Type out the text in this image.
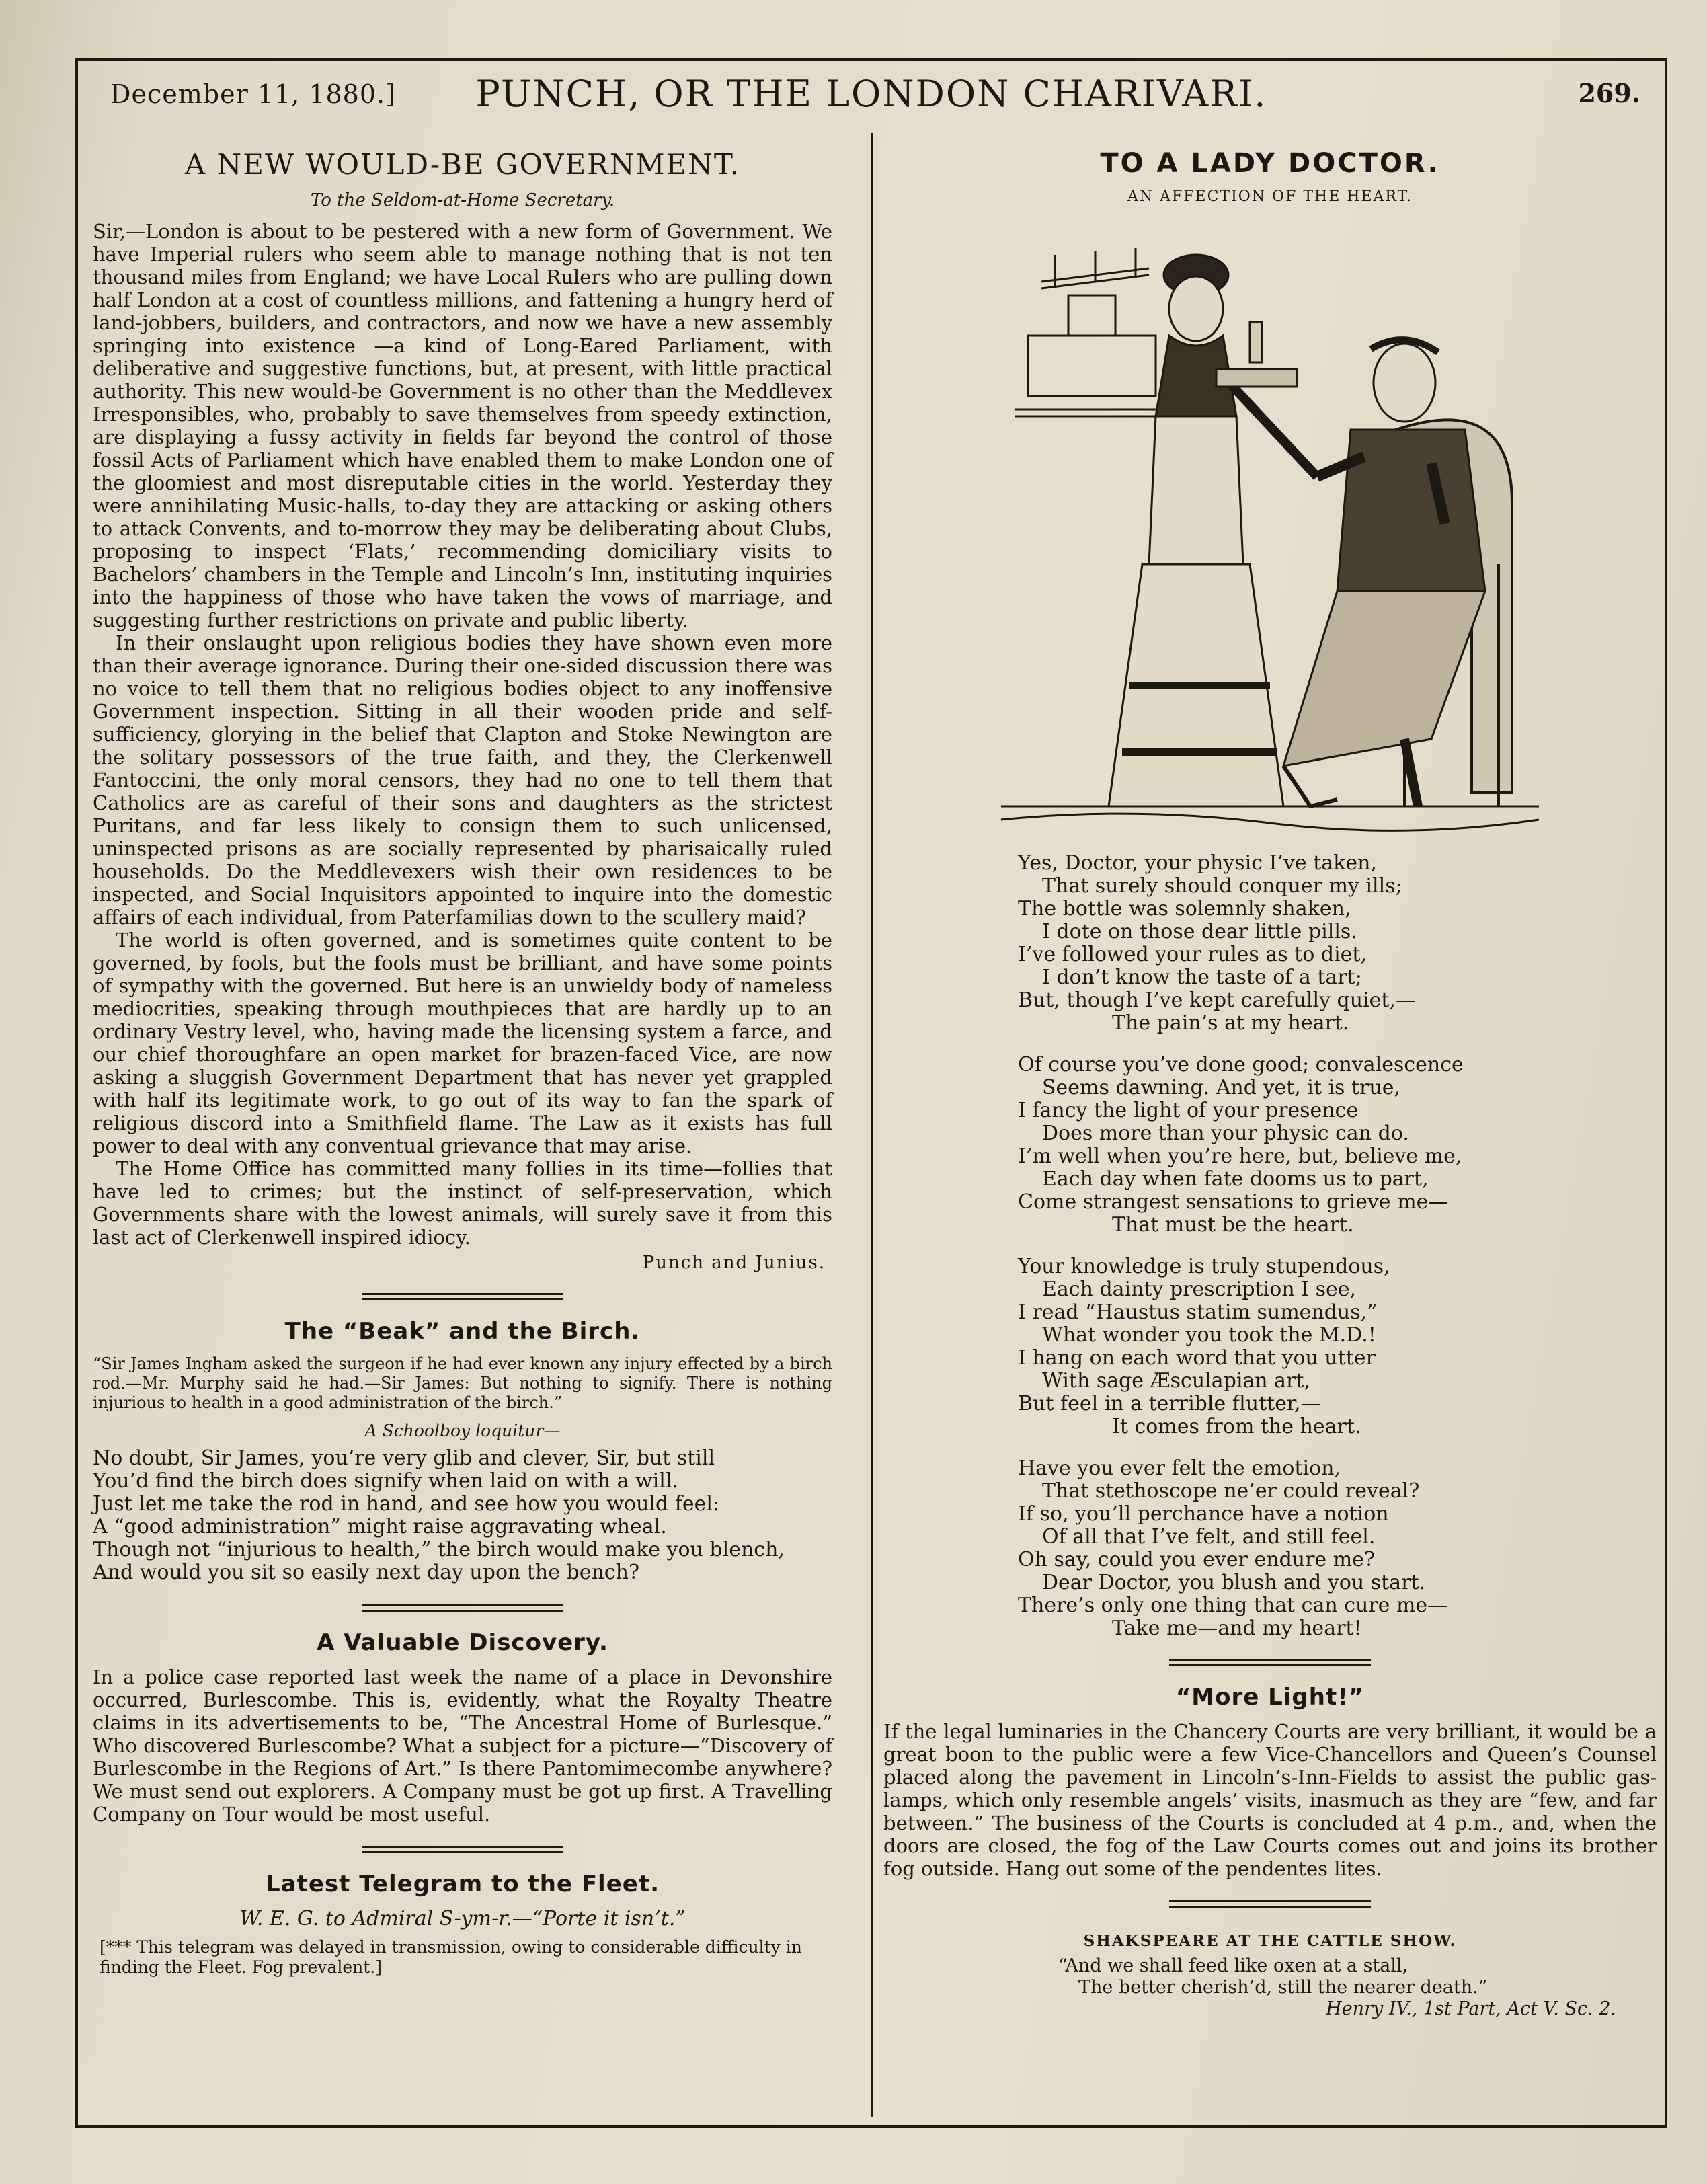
December 11, 1880.]	PUNCH, OR THE LONDON CHARIVARI.	269.
A NEW WOULD-BE GOVERNMENT.
To the Seldom-at-Home Secretary.

Sir,—London is about to be pestered with a new form of Government. We have Imperial rulers who seem able to manage nothing that is not ten thousand miles from England; we have Local Rulers who are pulling down half London at a cost of countless millions, and fattening a hungry herd of land-jobbers, builders, and contractors, and now we have a new assembly springing into existence —a kind of Long-Eared Parliament, with deliberative and suggestive functions, but, at present, with little practical authority. This new would-be Government is no other than the Meddlevex Irresponsibles, who, probably to save themselves from speedy extinction, are displaying a fussy activity in fields far beyond the control of those fossil Acts of Parliament which have enabled them to make London one of the gloomiest and most disreputable cities in the world. Yesterday they were annihilating Music-halls, to-day they are attacking or asking others to attack Convents, and to-morrow they may be deliberating about Clubs, proposing to inspect ‘Flats,’ recommending domiciliary visits to Bachelors’ chambers in the Temple and Lincoln’s Inn, instituting inquiries into the happiness of those who have taken the vows of marriage, and suggesting further restrictions on private and public liberty.

In their onslaught upon religious bodies they have shown even more than their average ignorance. During their one-sided discussion there was no voice to tell them that no religious bodies object to any inoffensive Government inspection. Sitting in all their wooden pride and self-sufficiency, glorying in the belief that Clapton and Stoke Newington are the solitary possessors of the true faith, and they, the Clerkenwell Fantoccini, the only moral censors, they had no one to tell them that Catholics are as careful of their sons and daughters as the strictest Puritans, and far less likely to consign them to such unlicensed, uninspected prisons as are socially represented by pharisaically ruled households. Do the Meddlevexers wish their own residences to be inspected, and Social Inquisitors appointed to inquire into the domestic affairs of each individual, from Paterfamilias down to the scullery maid?

The world is often governed, and is sometimes quite content to be governed, by fools, but the fools must be brilliant, and have some points of sympathy with the governed. But here is an unwieldy body of nameless mediocrities, speaking through mouthpieces that are hardly up to an ordinary Vestry level, who, having made the licensing system a farce, and our chief thoroughfare an open market for brazen-faced Vice, are now asking a sluggish Government Department that has never yet grappled with half its legitimate work, to go out of its way to fan the spark of religious discord into a Smithfield flame. The Law as it exists has full power to deal with any conventual grievance that may arise.

The Home Office has committed many follies in its time—follies that have led to crimes; but the instinct of self-preservation, which Governments share with the lowest animals, will surely save it from this last act of Clerkenwell inspired idiocy.

Punch and Junius.
The “Beak” and the Birch.
“Sir James Ingham asked the surgeon if he had ever known any injury effected by a birch rod.—Mr. Murphy said he had.—Sir James: But nothing to signify. There is nothing injurious to health in a good administration of the birch.”
A Schoolboy loquitur—
No doubt, Sir James, you’re very glib and clever, Sir, but still
You’d find the birch does signify when laid on with a will.
Just let me take the rod in hand, and see how you would feel:
A “good administration” might raise aggravating wheal.
Though not “injurious to health,” the birch would make you blench,
And would you sit so easily next day upon the bench?
A Valuable Discovery.

In a police case reported last week the name of a place in Devonshire occurred, Burlescombe. This is, evidently, what the Royalty Theatre claims in its advertisements to be, “The Ancestral Home of Burlesque.” Who discovered Burlescombe? What a subject for a picture—“Discovery of Burlescombe in the Regions of Art.” Is there Pantomimecombe anywhere? We must send out explorers. A Company must be got up first. A Travelling Company on Tour would be most useful.

Latest Telegram to the Fleet.
W. E. G. to Admiral S-ym-r.—“Porte it isn’t.”
[*** This telegram was delayed in transmission, owing to considerable difficulty in finding the Fleet. Fog prevalent.]
TO A LADY DOCTOR.
AN AFFECTION OF THE HEART.
Yes, Doctor, your physic I’ve taken,
That surely should conquer my ills;
The bottle was solemnly shaken,
I dote on those dear little pills.
I’ve followed your rules as to diet,
I don’t know the taste of a tart;
But, though I’ve kept carefully quiet,—
The pain’s at my heart.
Of course you’ve done good; convalescence
Seems dawning. And yet, it is true,
I fancy the light of your presence
Does more than your physic can do.
I’m well when you’re here, but, believe me,
Each day when fate dooms us to part,
Come strangest sensations to grieve me—
That must be the heart.
Your knowledge is truly stupendous,
Each dainty prescription I see,
I read “Haustus statim sumendus,”
What wonder you took the M.D.!
I hang on each word that you utter
With sage Æsculapian art,
But feel in a terrible flutter,—
It comes from the heart.
Have you ever felt the emotion,
That stethoscope ne’er could reveal?
If so, you’ll perchance have a notion
Of all that I’ve felt, and still feel.
Oh say, could you ever endure me?
Dear Doctor, you blush and you start.
There’s only one thing that can cure me—
Take me—and my heart!
“More Light!”

If the legal luminaries in the Chancery Courts are very brilliant, it would be a great boon to the public were a few Vice-Chancellors and Queen’s Counsel placed along the pavement in Lincoln’s-Inn-Fields to assist the public gas-lamps, which only resemble angels’ visits, inasmuch as they are “few, and far between.” The business of the Courts is concluded at 4 p.m., and, when the doors are closed, the fog of the Law Courts comes out and joins its brother fog outside. Hang out some of the pendentes lites.

SHAKSPEARE AT THE CATTLE SHOW.
“And we shall feed like oxen at a stall,
The better cherish’d, still the nearer death.”
Henry IV., 1st Part, Act V. Sc. 2.
